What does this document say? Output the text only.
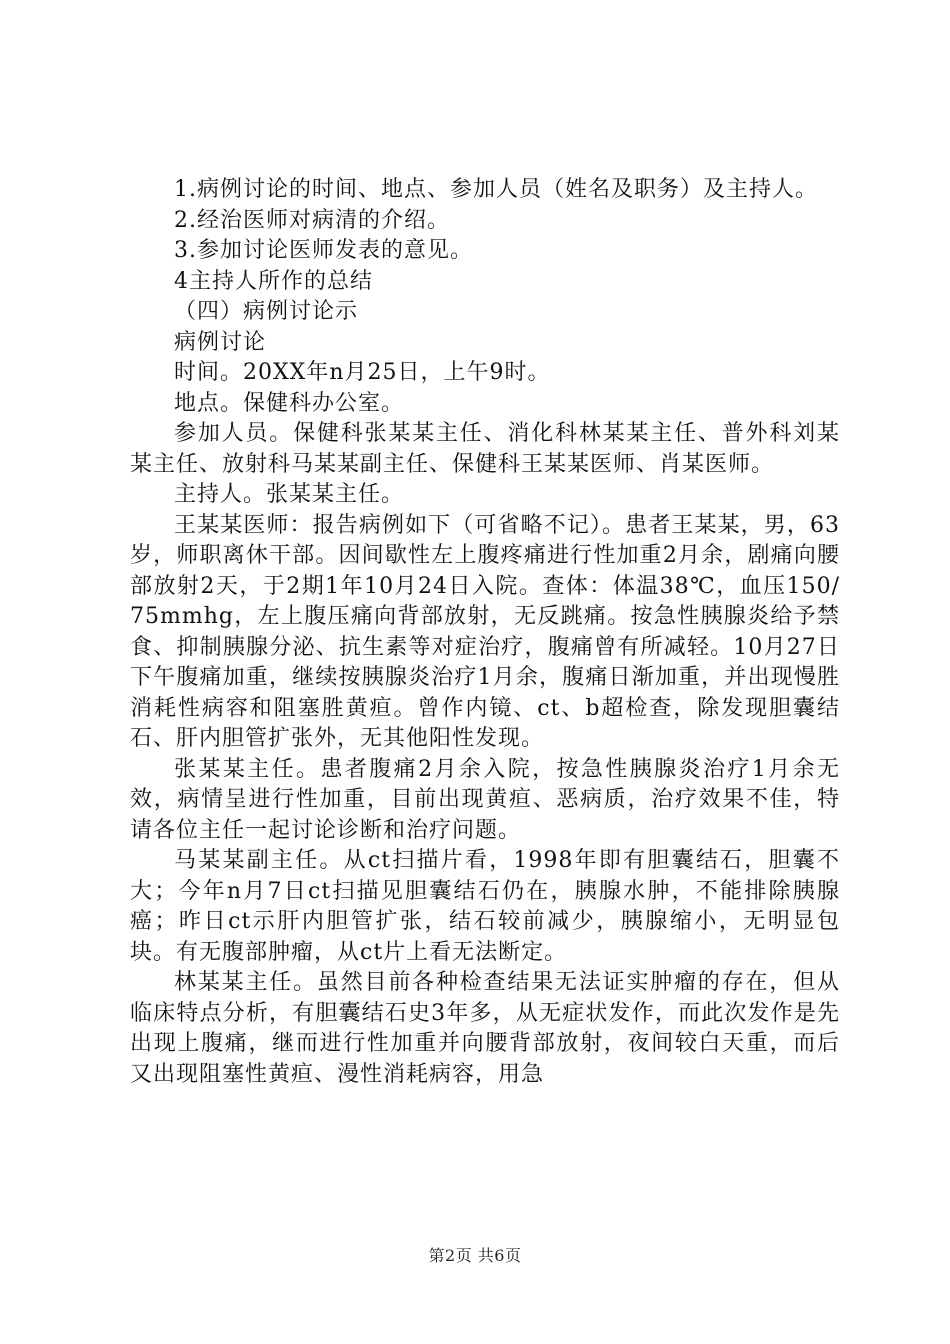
1.病例讨论的时间、地点、参加人员（姓名及职务）及主持人。

2.经治医师对病清的介绍。

3.参加讨论医师发表的意见。

4主持人所作的总结

（四）病例讨论示

病例讨论

时间。20XX年n月25日，上午9时。

地点。保健科办公室。

参加人员。保健科张某某主任、消化科林某某主任、普外科刘某某主任、放射科马某某副主任、保健科王某某医师、肖某医师。

主持人。张某某主任。

王某某医师：报告病例如下（可省略不记）。患者王某某，男，63岁，师职离休干部。因间歇性左上腹疼痛进行性加重2月余，剧痛向腰部放射2天，于2期1年10月24日入院。查体：体温38℃，血压150/75mmhg，左上腹压痛向背部放射，无反跳痛。按急性胰腺炎给予禁食、抑制胰腺分泌、抗生素等对症治疗，腹痛曾有所减轻。10月27日下午腹痛加重，继续按胰腺炎治疗1月余，腹痛日渐加重，并出现慢胜消耗性病容和阻塞胜黄疸。曾作内镜、ct、b超检查，除发现胆囊结石、肝内胆管扩张外，无其他阳性发现。

张某某主任。患者腹痛2月余入院，按急性胰腺炎治疗1月余无效，病情呈进行性加重，目前出现黄疸、恶病质，治疗效果不佳，特请各位主任一起讨论诊断和治疗问题。

马某某副主任。从ct扫描片看，1998年即有胆囊结石，胆囊不大；今年n月7日ct扫描见胆囊结石仍在，胰腺水肿，不能排除胰腺癌；昨日ct示肝内胆管扩张，结石较前减少，胰腺缩小，无明显包块。有无腹部肿瘤，从ct片上看无法断定。

林某某主任。虽然目前各种检查结果无法证实肿瘤的存在，但从临床特点分析，有胆囊结石史3年多，从无症状发作，而此次发作是先出现上腹痛，继而进行性加重并向腰背部放射，夜间较白天重，而后又出现阻塞性黄疸、漫性消耗病容，用急

第2页 共6页
